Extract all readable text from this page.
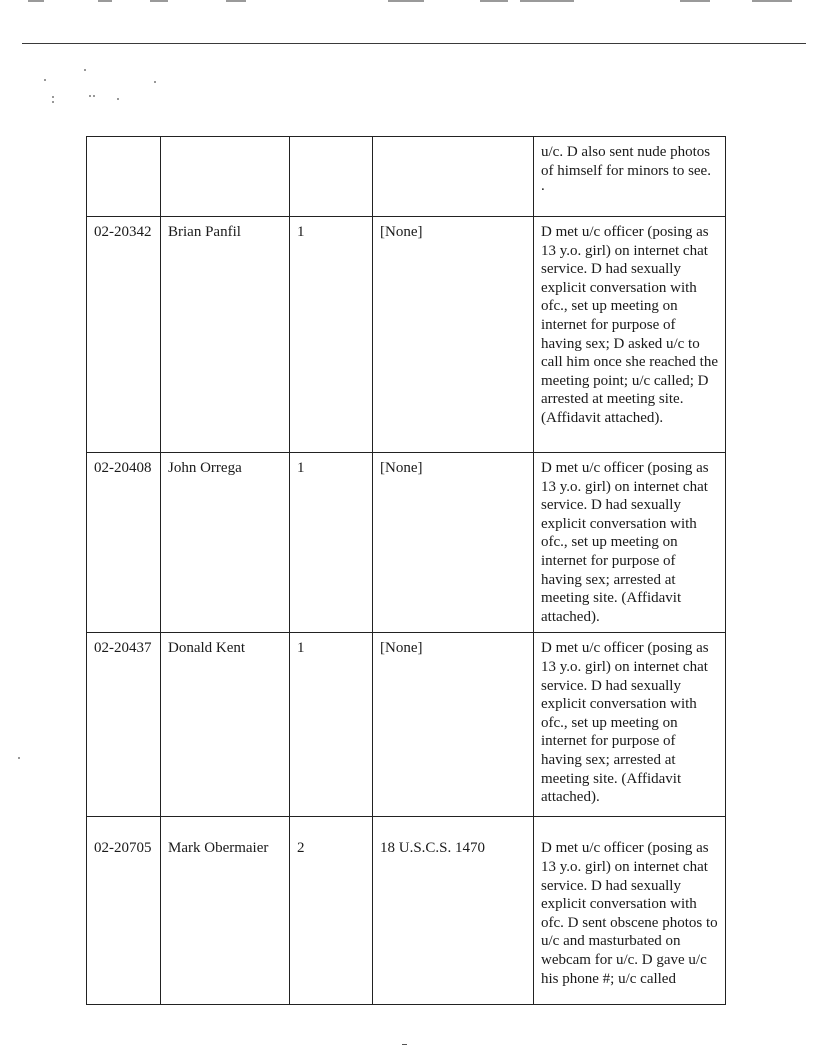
				u/c. D also sent nude photos of himself for minors to see.
.

02-20342	Brian Panfil	1	[None]	D met u/c officer (posing as 13 y.o. girl) on internet chat service. D had sexually explicit conversation with ofc., set up meeting on internet for purpose of having sex; D asked u/c to call him once she reached the meeting point; u/c called; D arrested at meeting site. (Affidavit attached).
02-20408	John Orrega	1	[None]	D met u/c officer (posing as 13 y.o. girl) on internet chat service. D had sexually explicit conversation with ofc., set up meeting on internet for purpose of having sex; arrested at meeting site. (Affidavit attached).
02-20437	Donald Kent	1	[None]	D met u/c officer (posing as 13 y.o. girl) on internet chat service. D had sexually explicit conversation with ofc., set up meeting on internet for purpose of having sex; arrested at meeting site. (Affidavit attached).
02-20705	Mark Obermaier	2	18 U.S.C.S. 1470	D met u/c officer (posing as 13 y.o. girl) on internet chat service. D had sexually explicit conversation with ofc. D sent obscene photos to u/c and masturbated on webcam for u/c. D gave u/c his phone #; u/c called
